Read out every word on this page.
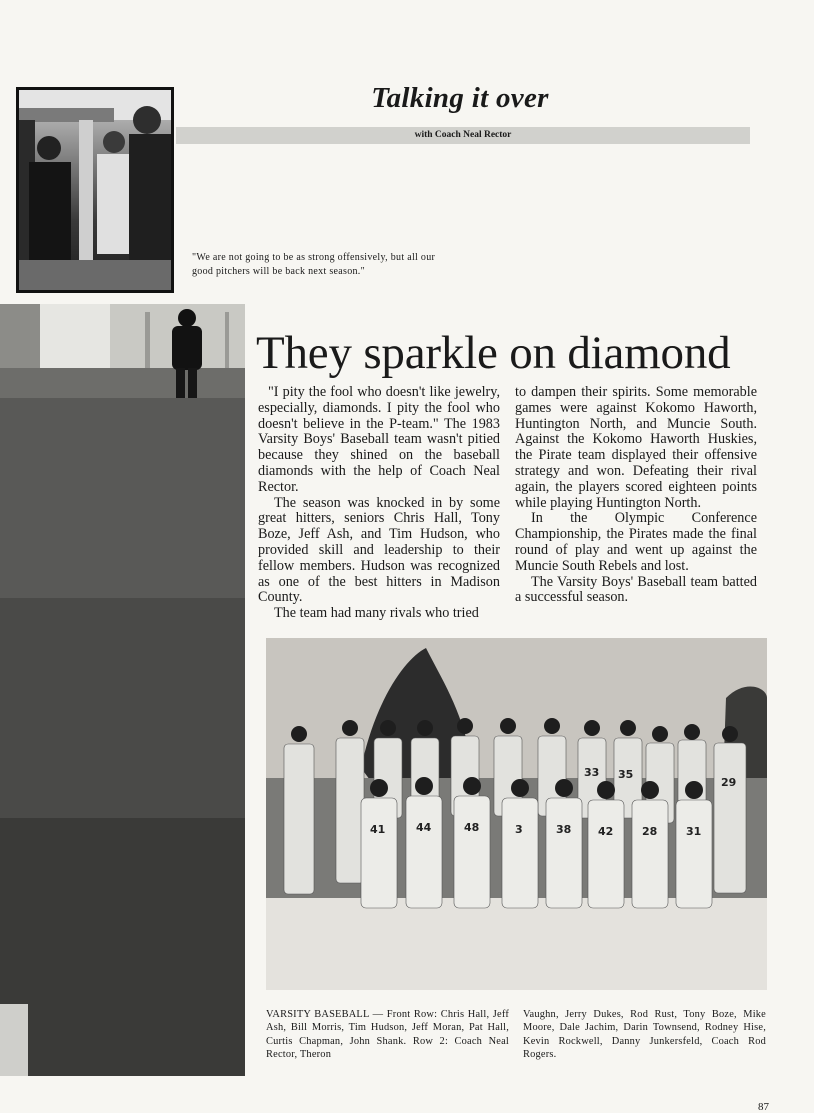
Talking it over
with Coach Neal Rector
"We are not going to be as strong offensively, but all our good pitchers will be back next season."
They sparkle on diamond

"I pity the fool who doesn't like jewelry, especially, diamonds. I pity the fool who doesn't believe in the P-team." The 1983 Varsity Boys' Baseball team wasn't pitied because they shined on the baseball diamonds with the help of Coach Neal Rector.

The season was knocked in by some great hitters, seniors Chris Hall, Tony Boze, Jeff Ash, and Tim Hudson, who provided skill and leadership to their fellow members. Hudson was recognized as one of the best hitters in Madison County.

The team had many rivals who tried

to dampen their spirits. Some memorable games were against Kokomo Haworth, Huntington North, and Muncie South. Against the Kokomo Haworth Huskies, the Pirate team displayed their offensive strategy and won. Defeating their rival again, the players scored eighteen points while playing Huntington North.

In the Olympic Conference Championship, the Pirates made the final round of play and went up against the Muncie South Rebels and lost.

The Varsity Boys' Baseball team batted a successful season.

41	44	48	3	38 42	28	31
33 35
29
VARSITY BASEBALL — Front Row: Chris Hall, Jeff Ash, Bill Morris, Tim Hudson, Jeff Moran, Pat Hall, Curtis Chapman, John Shank. Row 2: Coach Neal Rector, Theron
Vaughn, Jerry Dukes, Rod Rust, Tony Boze, Mike Moore, Dale Jachim, Darin Townsend, Rodney Hise, Kevin Rockwell, Danny Junkersfeld, Coach Rod Rogers.
87
